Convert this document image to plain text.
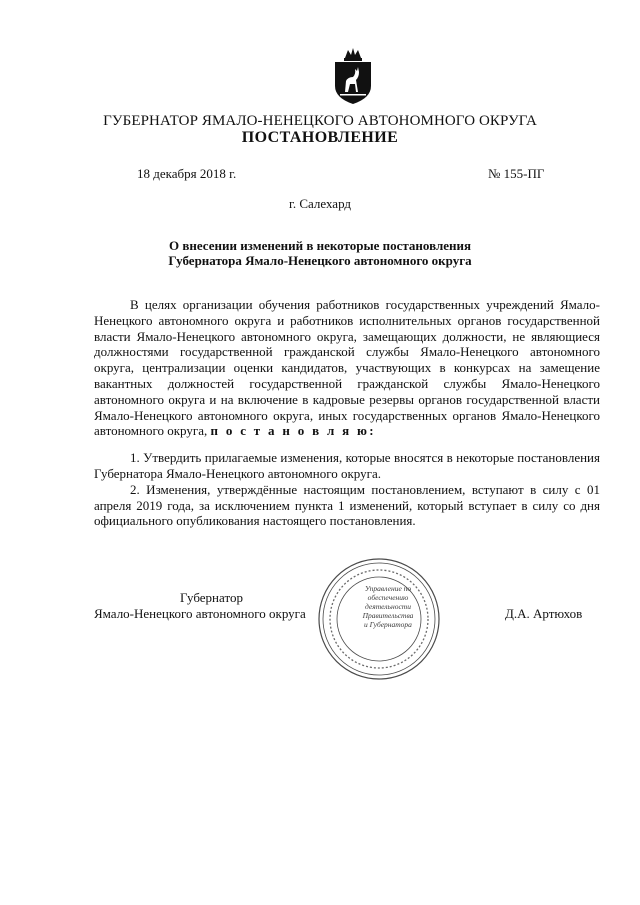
ГУБЕРНАТОР ЯМАЛО-НЕНЕЦКОГО АВТОНОМНОГО ОКРУГА
ПОСТАНОВЛЕНИЕ
18 декабря 2018 г.	№ 155-ПГ
г. Салехард
О внесении изменений в некоторые постановления
Губернатора Ямало-Ненецкого автономного округа

В целях организации обучения работников государственных учреждений Ямало-Ненецкого автономного округа и работников исполнительных органов государственной власти Ямало-Ненецкого автономного округа, замещающих должности, не являющиеся должностями государственной гражданской службы Ямало-Ненецкого автономного округа, централизации оценки кандидатов, участвующих в конкурсах на замещение вакантных должностей государственной гражданской службы Ямало-Ненецкого автономного округа и на включение в кадровые резервы органов государственной власти Ямало-Ненецкого автономного округа, иных государственных органов Ямало-Ненецкого автономного округа, п о с т а н о в л я ю:

1. Утвердить прилагаемые изменения, которые вносятся в некоторые постановления Губернатора Ямало-Ненецкого автономного округа.

2. Изменения, утверждённые настоящим постановлением, вступают в силу с 01 апреля 2019 года, за исключением пункта 1 изменений, который вступает в силу со дня официального опубликования настоящего постановления.

Управление по
обеспечению
деятельности
Правительства
и Губернатора
Губернатор
Ямало-Ненецкого автономного округа	Д.А. Артюхов
